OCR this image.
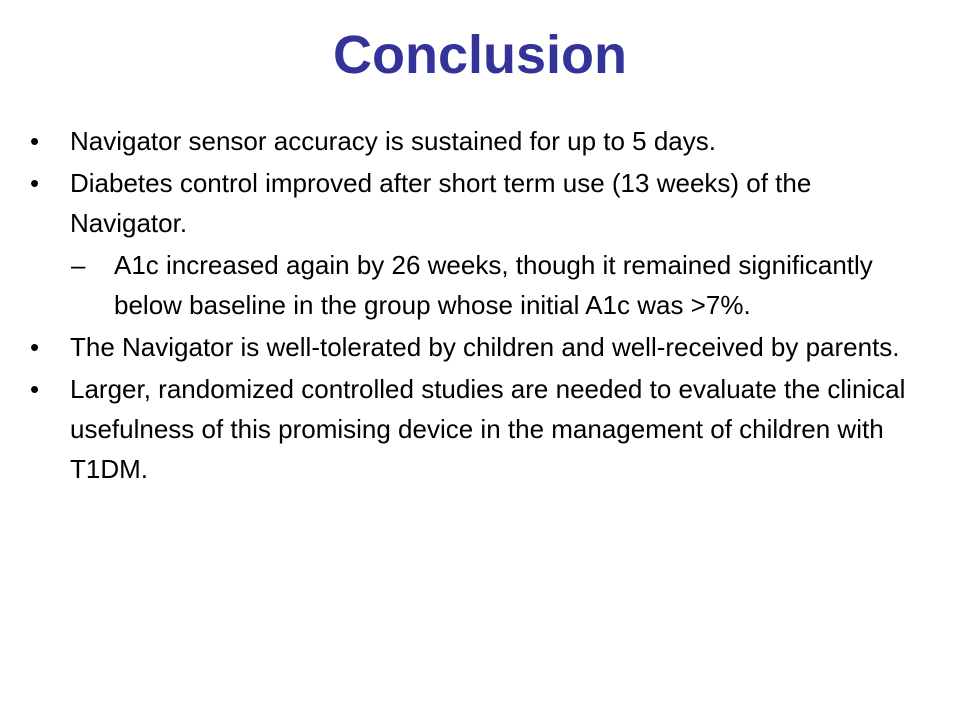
Conclusion
•	Navigator sensor accuracy is sustained for up to 5 days.
•	Diabetes control improved after short term use (13 weeks) of the Navigator.
– A1c increased again by 26 weeks, though it remained significantly below baseline in the group whose initial A1c was >7%.
•	The Navigator is well-tolerated by children and well-received by parents.
•	Larger, randomized controlled studies are needed to evaluate the clinical usefulness of this promising device in the management of children with T1DM.
